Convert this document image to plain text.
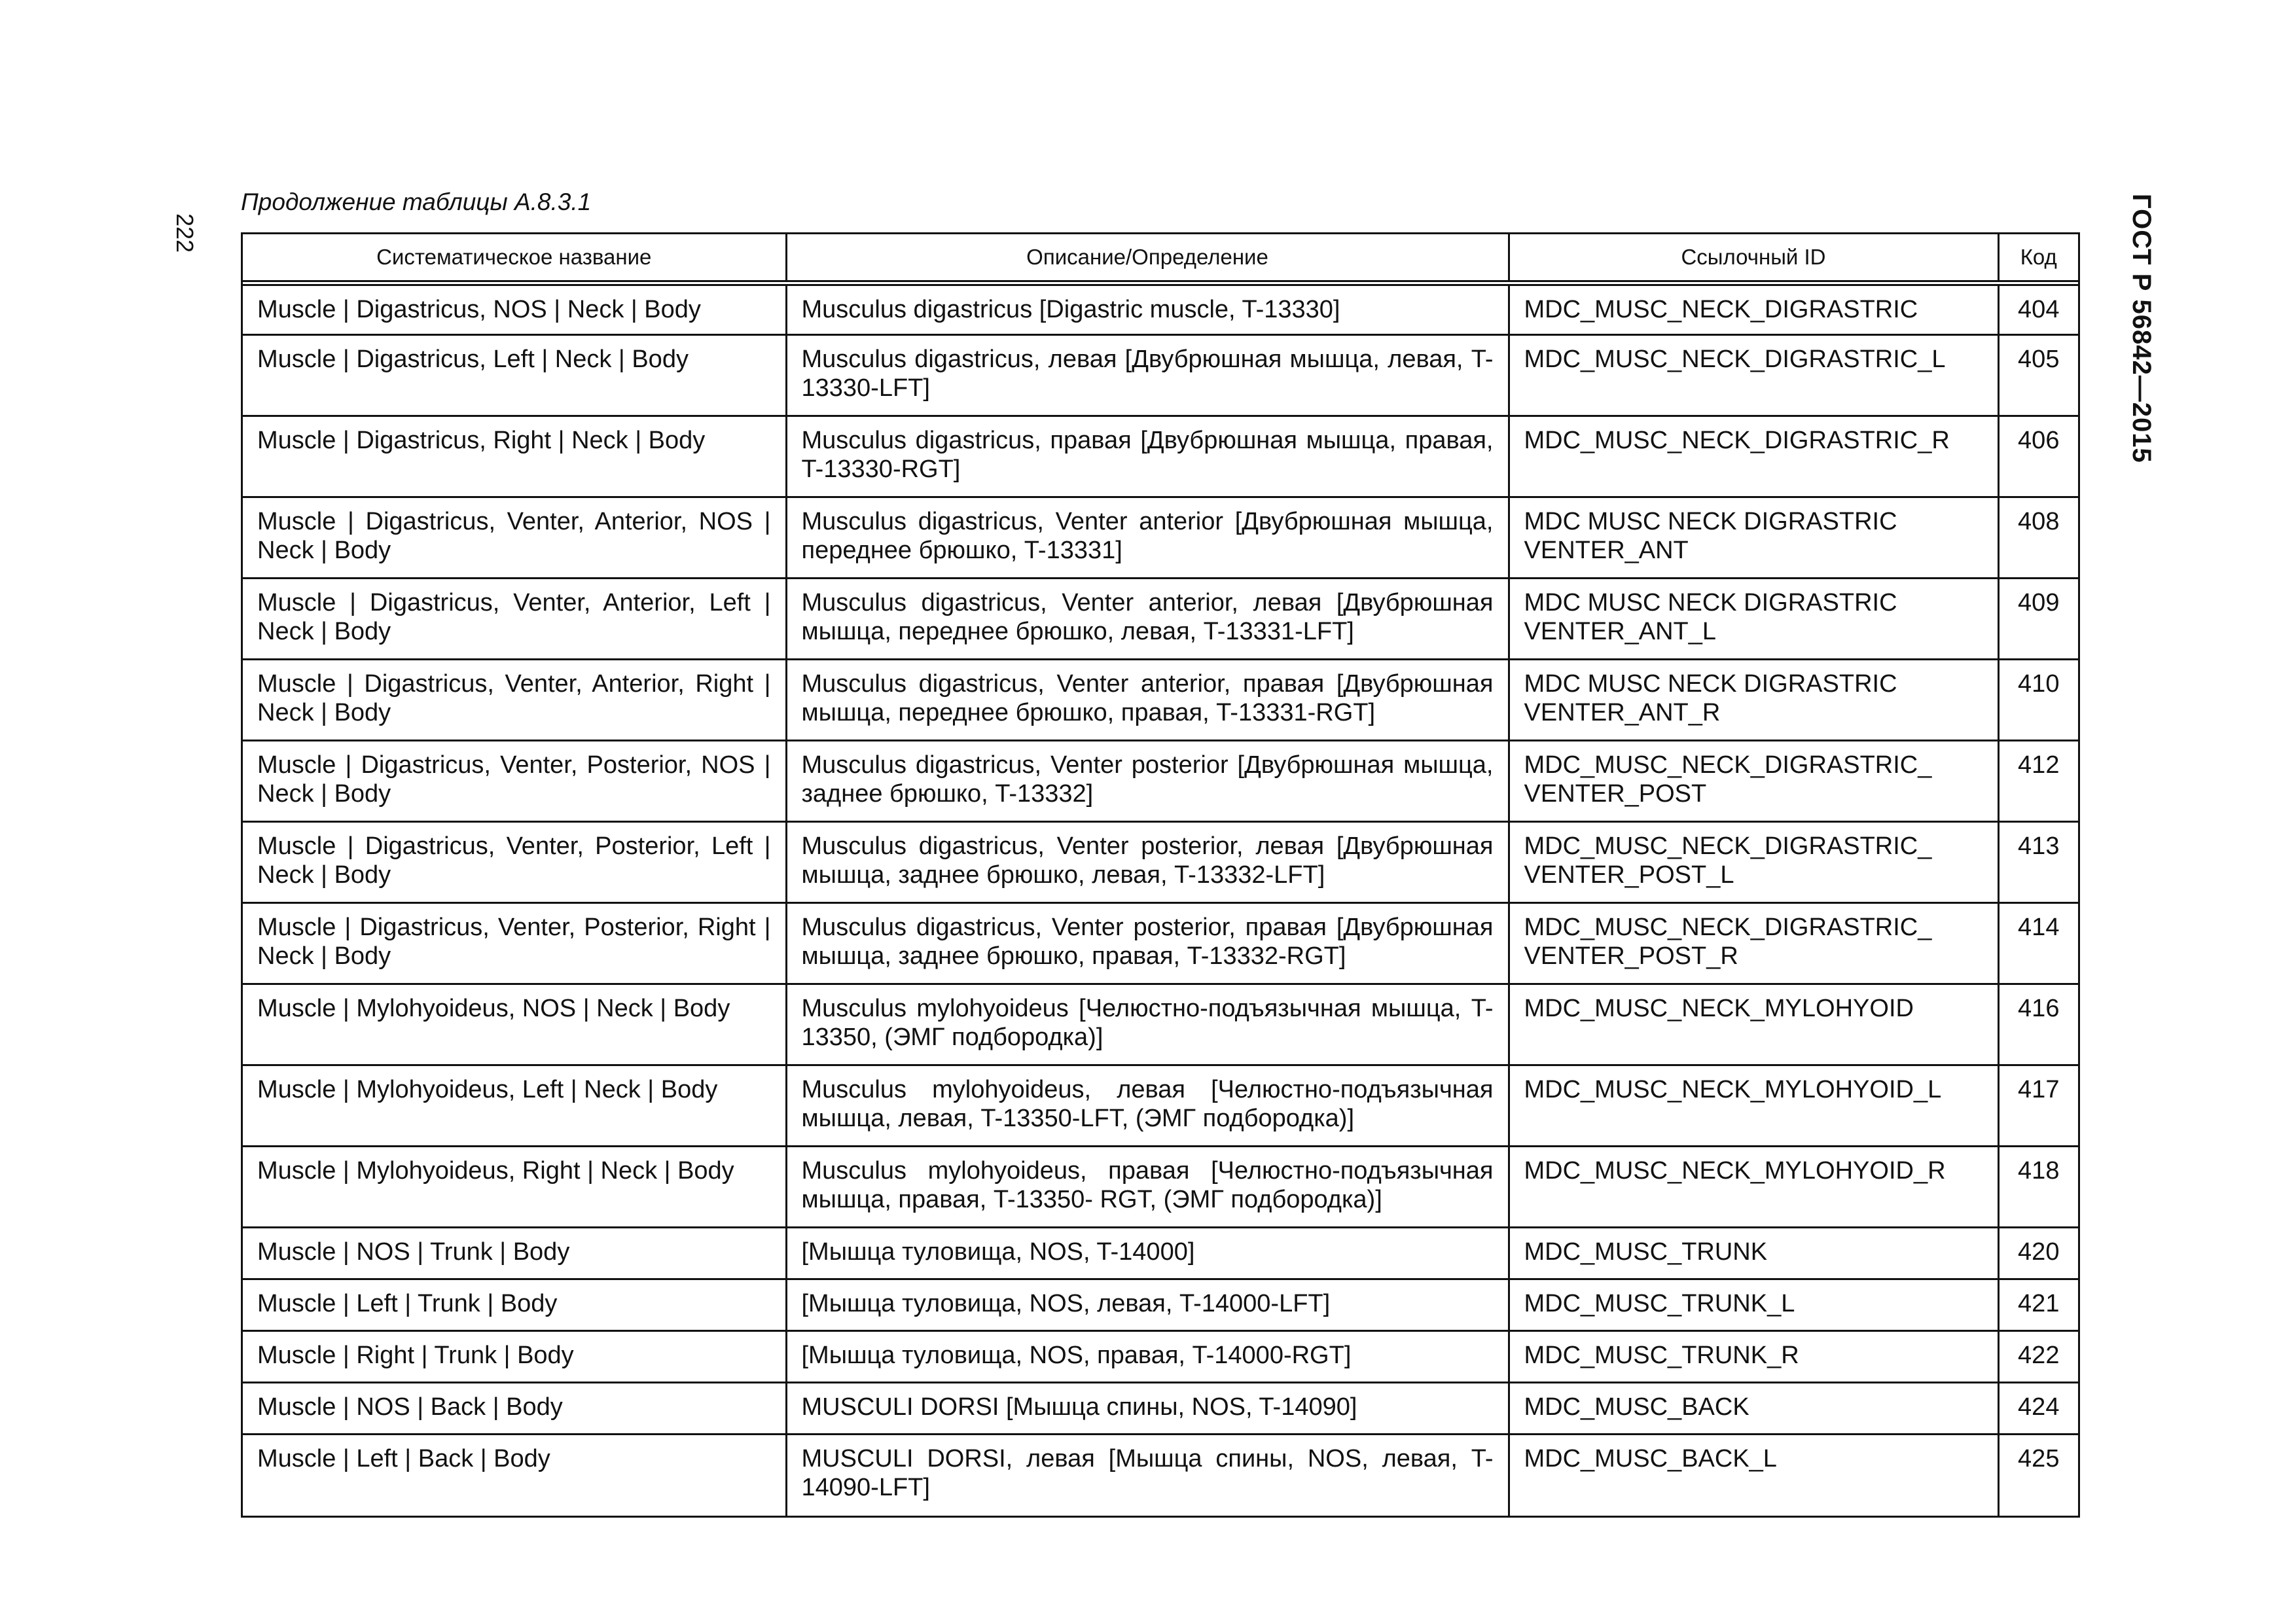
222	ГОСТ Р 56842—2015
Продолжение таблицы А.8.3.1
Систематическое название	Описание/Определение	Ссылочный ID	Код
Muscle | Digastricus, NOS | Neck | Body	Musculus digastricus [Digastric muscle, T-13330]	MDC_MUSC_NECK_DIGRASTRIC	404
Muscle | Digastricus, Left | Neck | Body	Musculus digastricus, левая [Двубрюшная мышца, левая, T-13330-LFT]	MDC_MUSC_NECK_DIGRASTRIC_L	405
Muscle | Digastricus, Right | Neck | Body	Musculus digastricus, правая [Двубрюшная мышца, правая, T-13330-RGT]	MDC_MUSC_NECK_DIGRASTRIC_R	406
Muscle | Digastricus, Venter, Anterior, NOS | Neck | Body	Musculus digastricus, Venter anterior [Двубрюшная мышца, переднее брюшко, T-13331]	MDC MUSC NECK DIGRASTRIC VENTER_ANT	408
Muscle | Digastricus, Venter, Anterior, Left | Neck | Body	Musculus digastricus, Venter anterior, левая [Двубрюшная мышца, переднее брюшко, левая, T-13331-LFT]	MDC MUSC NECK DIGRASTRIC VENTER_ANT_L	409
Muscle | Digastricus, Venter, Anterior, Right | Neck | Body	Musculus digastricus, Venter anterior, правая [Двубрюшная мышца, переднее брюшко, правая, T-13331-RGT]	MDC MUSC NECK DIGRASTRIC VENTER_ANT_R	410
Muscle | Digastricus, Venter, Posterior, NOS | Neck | Body	Musculus digastricus, Venter posterior [Двубрюшная мышца, заднее брюшко, T-13332]	MDC_MUSC_NECK_DIGRASTRIC_ VENTER_POST	412
Muscle | Digastricus, Venter, Posterior, Left | Neck | Body	Musculus digastricus, Venter posterior, левая [Двубрюшная мышца, заднее брюшко, левая, T-13332-LFT]	MDC_MUSC_NECK_DIGRASTRIC_ VENTER_POST_L	413
Muscle | Digastricus, Venter, Posterior, Right | Neck | Body	Musculus digastricus, Venter posterior, правая [Двубрюшная мышца, заднее брюшко, правая, T-13332-RGT]	MDC_MUSC_NECK_DIGRASTRIC_ VENTER_POST_R	414
Muscle | Mylohyoideus, NOS | Neck | Body	Musculus mylohyoideus [Челюстно-подъязычная мышца, T-13350, (ЭМГ подбородка)]	MDC_MUSC_NECK_MYLOHYOID	416
Muscle | Mylohyoideus, Left | Neck | Body	Musculus mylohyoideus, левая [Челюстно-подъязычная мышца, левая, T-13350-LFT, (ЭМГ подбородка)]	MDC_MUSC_NECK_MYLOHYOID_L	417
Muscle | Mylohyoideus, Right | Neck | Body	Musculus mylohyoideus, правая [Челюстно-подъязычная мышца, правая, T-13350- RGT, (ЭМГ подбородка)]	MDC_MUSC_NECK_MYLOHYOID_R	418
Muscle | NOS | Trunk | Body	[Мышца туловища, NOS, T-14000]	MDC_MUSC_TRUNK	420
Muscle | Left | Trunk | Body	[Мышца туловища, NOS, левая, T-14000-LFT]	MDC_MUSC_TRUNK_L	421
Muscle | Right | Trunk | Body	[Мышца туловища, NOS, правая, T-14000-RGT]	MDC_MUSC_TRUNK_R	422
Muscle | NOS | Back | Body	MUSCULI DORSI [Мышца спины, NOS, T-14090]	MDC_MUSC_BACK	424
Muscle | Left | Back | Body	MUSCULI DORSI, левая [Мышца спины, NOS, левая, T-14090-LFT]	MDC_MUSC_BACK_L	425
